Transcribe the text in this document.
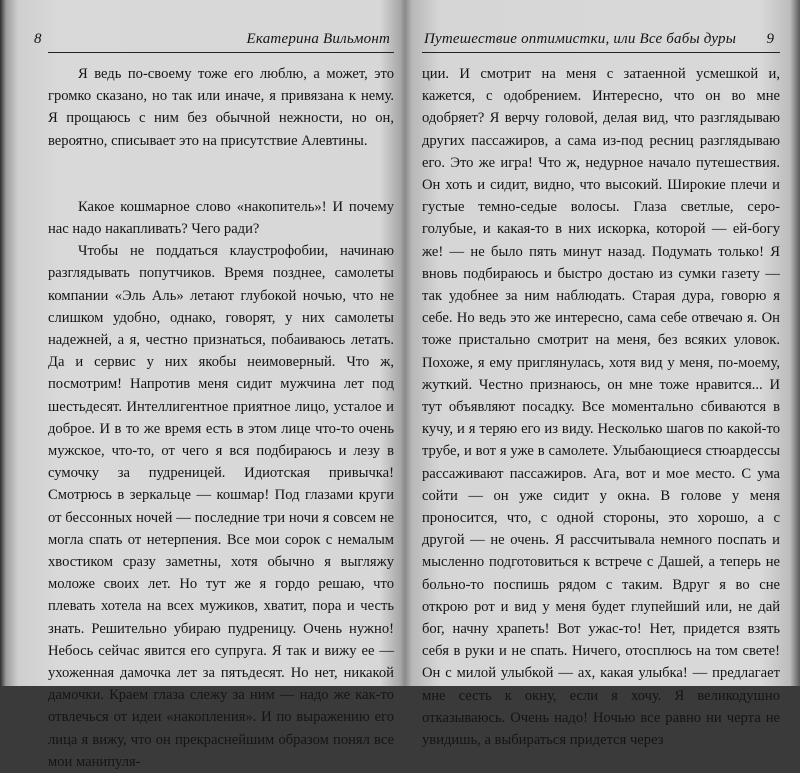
8	Екатерина Вильмонт

Я ведь по-своему тоже его люблю, а может, это громко сказано, но так или иначе, я привязана к нему. Я прощаюсь с ним без обычной нежности, но он, вероятно, списывает это на присутствие Алевтины.

Какое кошмарное слово «накопитель»! И почему нас надо накапливать? Чего ради?

Чтобы не поддаться клаустрофобии, начинаю разглядывать попутчиков. Время позднее, самолеты компании «Эль Аль» летают глубокой ночью, что не слишком удобно, однако, говорят, у них самолеты надежней, а я, честно признаться, побаиваюсь летать. Да и сервис у них якобы неимоверный. Что ж, посмотрим! Напротив меня сидит мужчина лет под шестьдесят. Интеллигентное приятное лицо, усталое и доброе. И в то же время есть в этом лице что-то очень мужское, что-то, от чего я вся подбираюсь и лезу в сумочку за пудреницей. Идиотская привычка! Смотрюсь в зеркальце — кошмар! Под глазами круги от бессонных ночей — последние три ночи я совсем не могла спать от нетерпения. Все мои сорок с немалым хвостиком сразу заметны, хотя обычно я выгляжу моложе своих лет. Но тут же я гордо решаю, что плевать хотела на всех мужиков, хватит, пора и честь знать. Решительно убираю пудреницу. Очень нужно! Небось сейчас явится его супруга. Я так и вижу ее — ухоженная дамочка лет за пятьдесят. Но нет, никакой дамочки. Краем глаза слежу за ним — надо же как-то отвлечься от идеи «накопления». И по выражению его лица я вижу, что он прекраснейшим образом понял все мои манипуля-

Путешествие оптимистки, или Все бабы дуры 9

ции. И смотрит на меня с затаенной усмешкой и, кажется, с одобрением. Интересно, что он во мне одобряет? Я верчу головой, делая вид, что разглядываю других пассажиров, а сама из-под ресниц разглядываю его. Это же игра! Что ж, недурное начало путешествия. Он хоть и сидит, видно, что высокий. Широкие плечи и густые темно-седые волосы. Глаза светлые, серо-голубые, и какая-то в них искорка, которой — ей-богу же! — не было пять минут назад. Подумать только! Я вновь подбираюсь и быстро достаю из сумки газету — так удобнее за ним наблюдать. Старая дура, говорю я себе. Но ведь это же интересно, сама себе отвечаю я. Он тоже пристально смотрит на меня, без всяких уловок. Похоже, я ему приглянулась, хотя вид у меня, по-моему, жуткий. Честно признаюсь, он мне тоже нравится... И тут объявляют посадку. Все моментально сбиваются в кучу, и я теряю его из виду. Несколько шагов по какой-то трубе, и вот я уже в самолете. Улыбающиеся стюардессы рассаживают пассажиров. Ага, вот и мое место. С ума сойти — он уже сидит у окна. В голове у меня проносится, что, с одной стороны, это хорошо, а с другой — не очень. Я рассчитывала немного поспать и мысленно подготовиться к встрече с Дашей, а теперь не больно-то поспишь рядом с таким. Вдруг я во сне открою рот и вид у меня будет глупейший или, не дай бог, начну храпеть! Вот ужас-то! Нет, придется взять себя в руки и не спать. Ничего, отосплюсь на том свете! Он с милой улыбкой — ах, какая улыбка! — предлагает мне сесть к окну, если я хочу. Я великодушно отказываюсь. Очень надо! Ночью все равно ни черта не увидишь, а выбираться придется через
